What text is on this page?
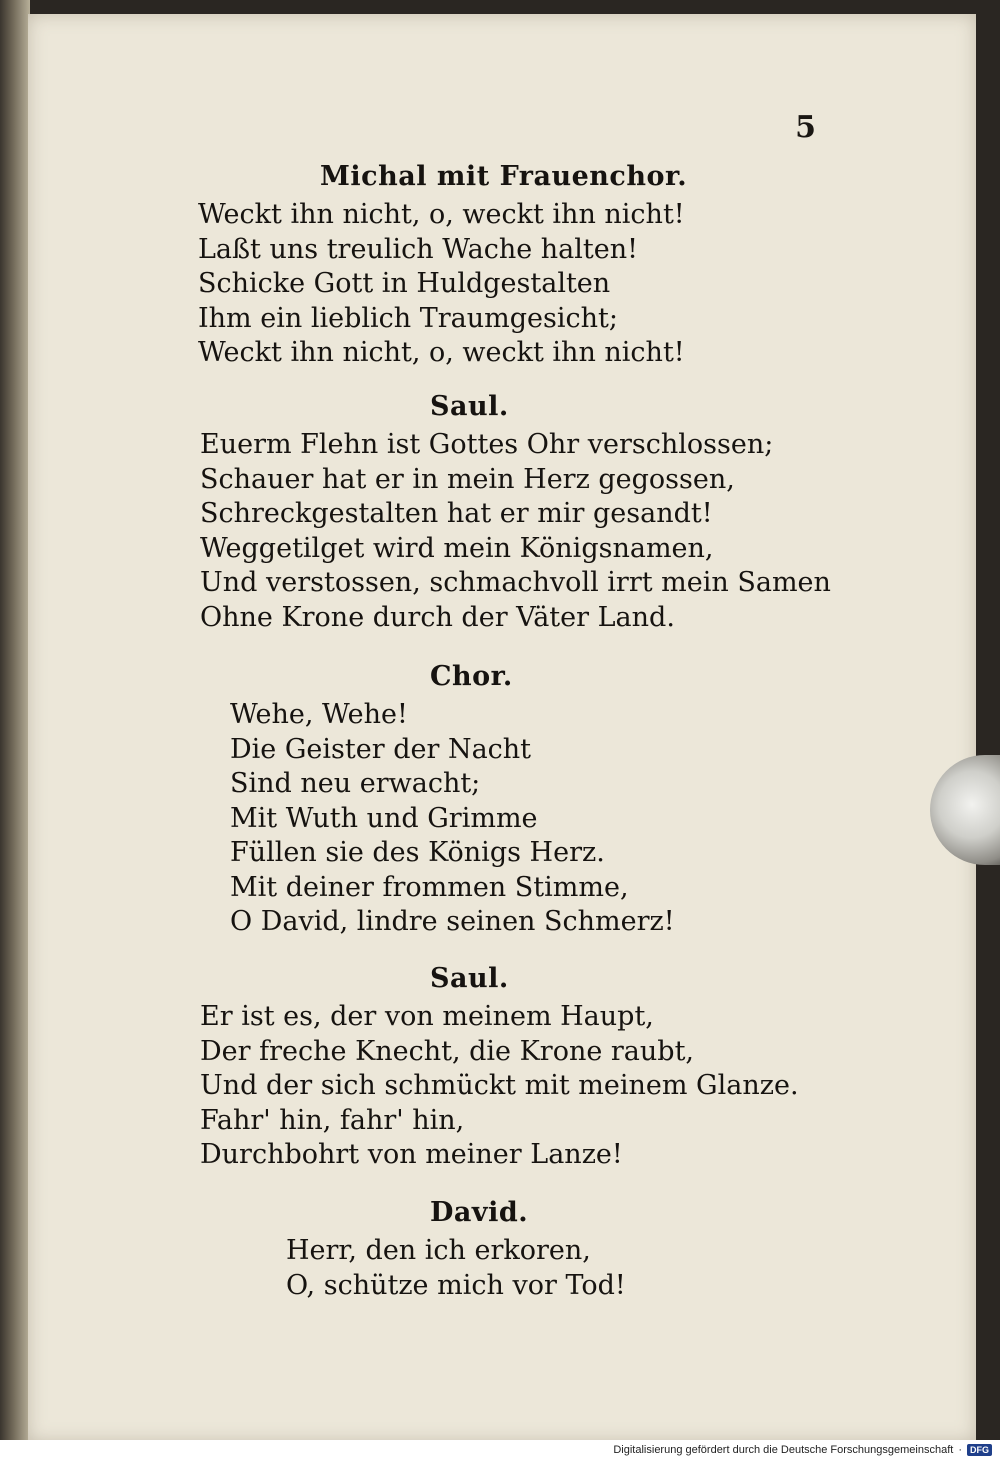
5
Michal mit Frauenchor.
Weckt ihn nicht, o, weckt ihn nicht!
Laßt uns treulich Wache halten!
Schicke Gott in Huldgestalten
Ihm ein lieblich Traumgesicht;
Weckt ihn nicht, o, weckt ihn nicht!
Saul.
Euerm Flehn ist Gottes Ohr verschlossen;
Schauer hat er in mein Herz gegossen,
Schreckgestalten hat er mir gesandt!
Weggetilget wird mein Königsnamen,
Und verstossen, schmachvoll irrt mein Samen
Ohne Krone durch der Väter Land.
Chor.
Wehe, Wehe!
Die Geister der Nacht
Sind neu erwacht;
Mit Wuth und Grimme
Füllen sie des Königs Herz.
Mit deiner frommen Stimme,
O David, lindre seinen Schmerz!
Saul.
Er ist es, der von meinem Haupt,
Der freche Knecht, die Krone raubt,
Und der sich schmückt mit meinem Glanze.
Fahr' hin, fahr' hin,
Durchbohrt von meiner Lanze!
David.
Herr, den ich erkoren,
O, schütze mich vor Tod!
Digitalisierung gefördert durch die Deutsche Forschungsgemeinschaft · DFG
